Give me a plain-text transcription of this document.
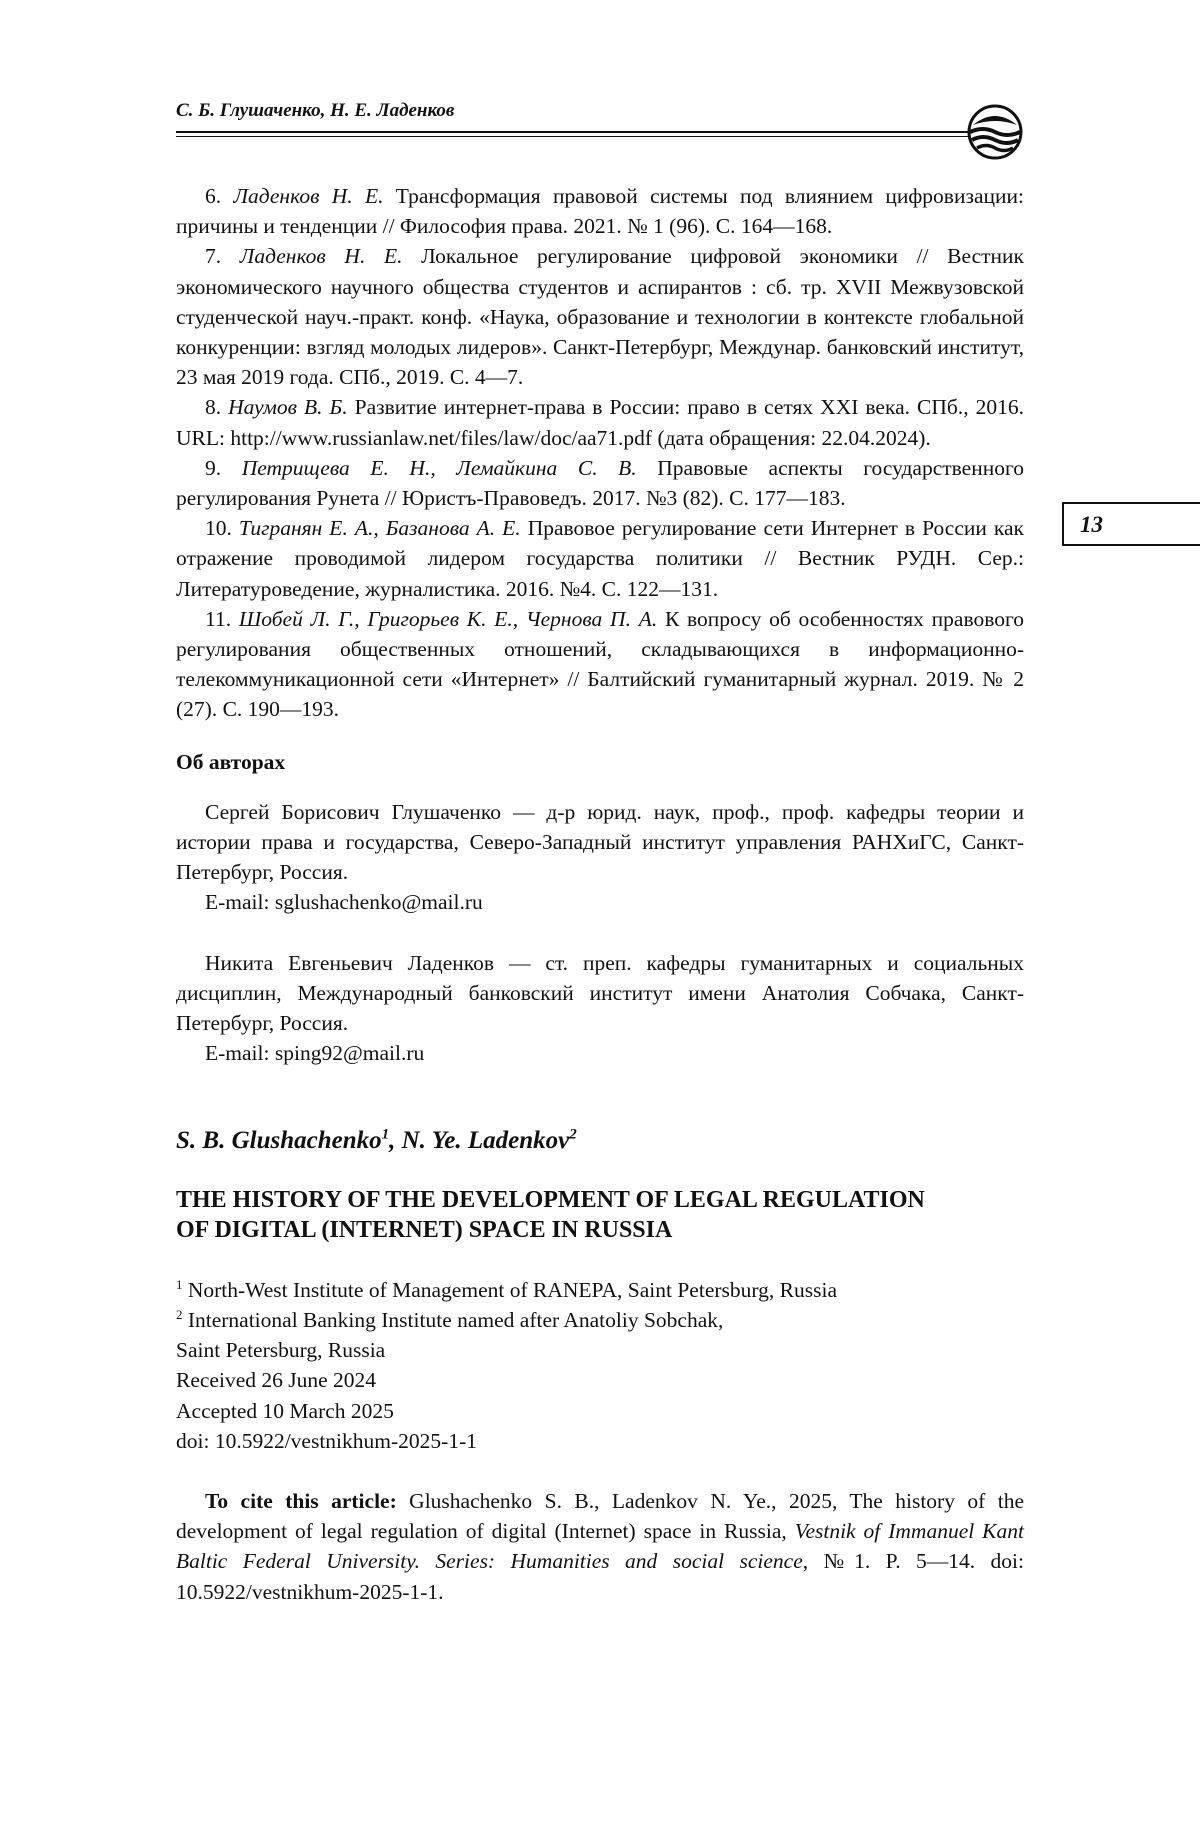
С. Б. Глушаченко, Н. Е. Ладенков
13

6. Ладенков Н. Е. Трансформация правовой системы под влиянием цифровизации: причины и тенденции // Философия права. 2021. № 1 (96). С. 164—168.

7. Ладенков Н. Е. Локальное регулирование цифровой экономики // Вестник экономического научного общества студентов и аспирантов : сб. тр. XVII Межвузовской студенческой науч.-практ. конф. «Наука, образование и технологии в контексте глобальной конкуренции: взгляд молодых лидеров». Санкт-Петербург, Междунар. банковский институт, 23 мая 2019 года. СПб., 2019. С. 4—7.

8. Наумов В. Б. Развитие интернет-права в России: право в сетях XXI века. СПб., 2016. URL: http://www.russianlaw.net/files/law/doc/aa71.pdf (дата обращения: 22.04.2024).

9. Петрищева Е. Н., Лемайкина С. В. Правовые аспекты государственного регулирования Рунета // Юристъ-Правоведъ. 2017. №3 (82). С. 177—183.

10. Тигранян Е. А., Базанова А. Е. Правовое регулирование сети Интернет в России как отражение проводимой лидером государства политики // Вестник РУДН. Сер.: Литературоведение, журналистика. 2016. №4. С. 122—131.

11. Шобей Л. Г., Григорьев К. Е., Чернова П. А. К вопросу об особенностях правового регулирования общественных отношений, складывающихся в информационно-телекоммуникационной сети «Интернет» // Балтийский гуманитарный журнал. 2019. № 2 (27). С. 190—193.

Об авторах

Сергей Борисович Глушаченко — д-р юрид. наук, проф., проф. кафедры теории и истории права и государства, Северо-Западный институт управления РАНХиГС, Санкт-Петербург, Россия.

E-mail: sglushachenko@mail.ru

Никита Евгеньевич Ладенков — ст. преп. кафедры гуманитарных и социальных дисциплин, Международный банковский институт имени Анатолия Собчака, Санкт-Петербург, Россия.

E-mail: sping92@mail.ru

S. B. Glushachenko$^1$, N. Ye. Ladenkov$^2$

THE HISTORY OF THE DEVELOPMENT OF LEGAL REGULATION
OF DIGITAL (INTERNET) SPACE IN RUSSIA

$^1$ North-West Institute of Management of RANEPA, Saint Petersburg, Russia

$^2$ International Banking Institute named after Anatoliy Sobchak,

Saint Petersburg, Russia

Received 26 June 2024

Accepted 10 March 2025

doi: 10.5922/vestnikhum-2025-1-1

To cite this article: Glushachenko S. B., Ladenkov N. Ye., 2025, The history of the development of legal regulation of digital (Internet) space in Russia, Vestnik of Immanuel Kant Baltic Federal University. Series: Humanities and social science, №1. P. 5—14. doi: 10.5922/vestnikhum-2025-1-1.
